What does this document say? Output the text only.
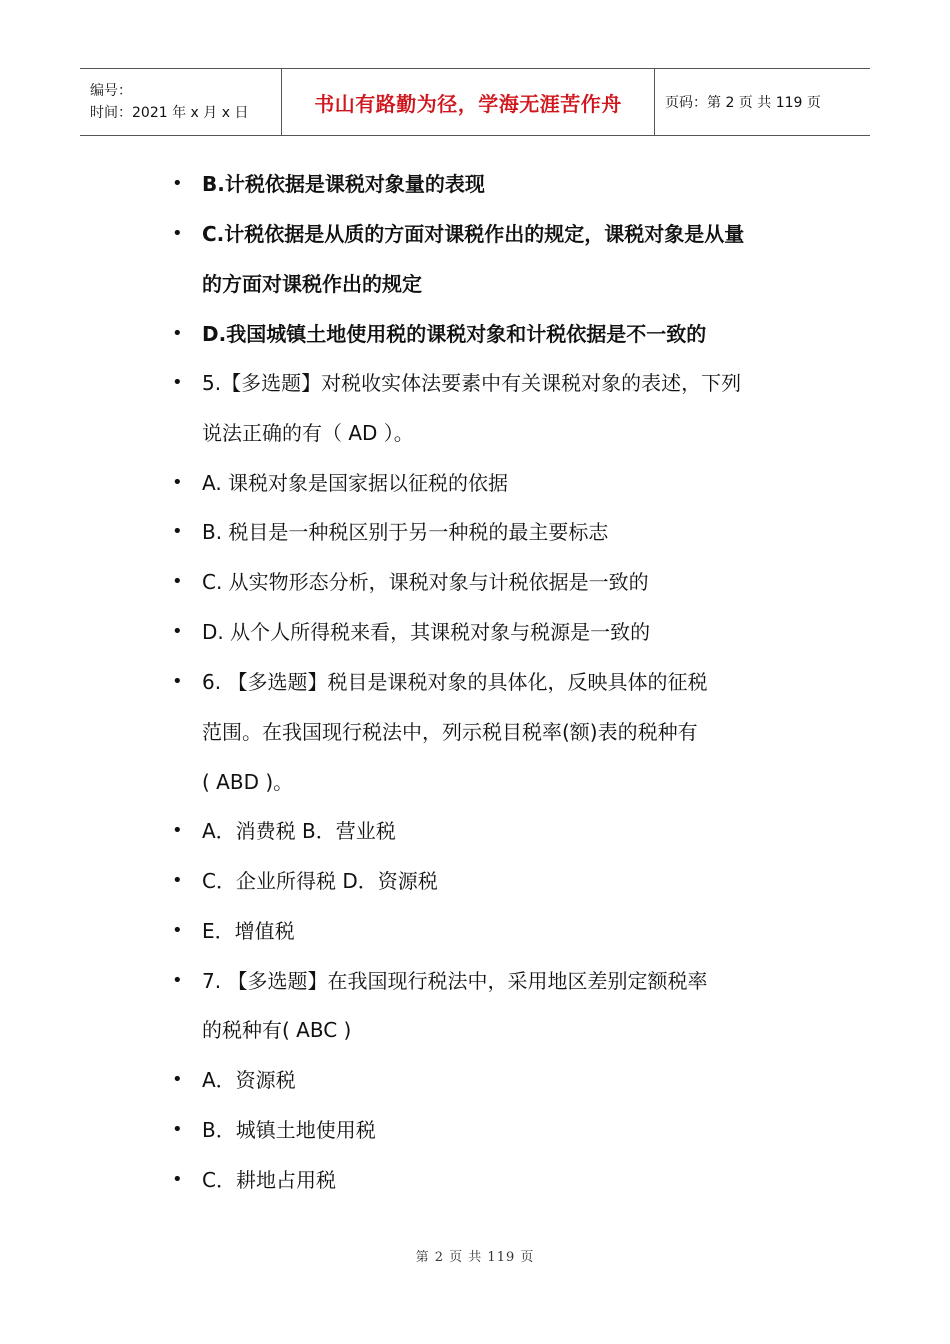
编号：
时间：2021 年 x 月 x 日	书山有路勤为径，学海无涯苦作舟	页码：第 2 页 共 119 页
• B.计税依据是课税对象量的表现
• C.计税依据是从质的方面对课税作出的规定，课税对象是从量
的方面对课税作出的规定
• D.我国城镇土地使用税的课税对象和计税依据是不一致的
• 5.【多选题】对税收实体法要素中有关课税对象的表述，下列
说法正确的有（ AD ）。
• A. 课税对象是国家据以征税的依据
• B. 税目是一种税区别于另一种税的最主要标志
• C. 从实物形态分析，课税对象与计税依据是一致的
• D. 从个人所得税来看，其课税对象与税源是一致的
• 6. 【多选题】税目是课税对象的具体化，反映具体的征税
范围。在我国现行税法中，列示税目税率(额)表的税种有
( ABD )。
• A．消费税 B．营业税
• C．企业所得税 D．资源税
• E．增值税
• 7. 【多选题】在我国现行税法中，采用地区差别定额税率
的税种有( ABC )
• A．资源税
• B．城镇土地使用税
• C．耕地占用税
第 2 页 共 119 页
